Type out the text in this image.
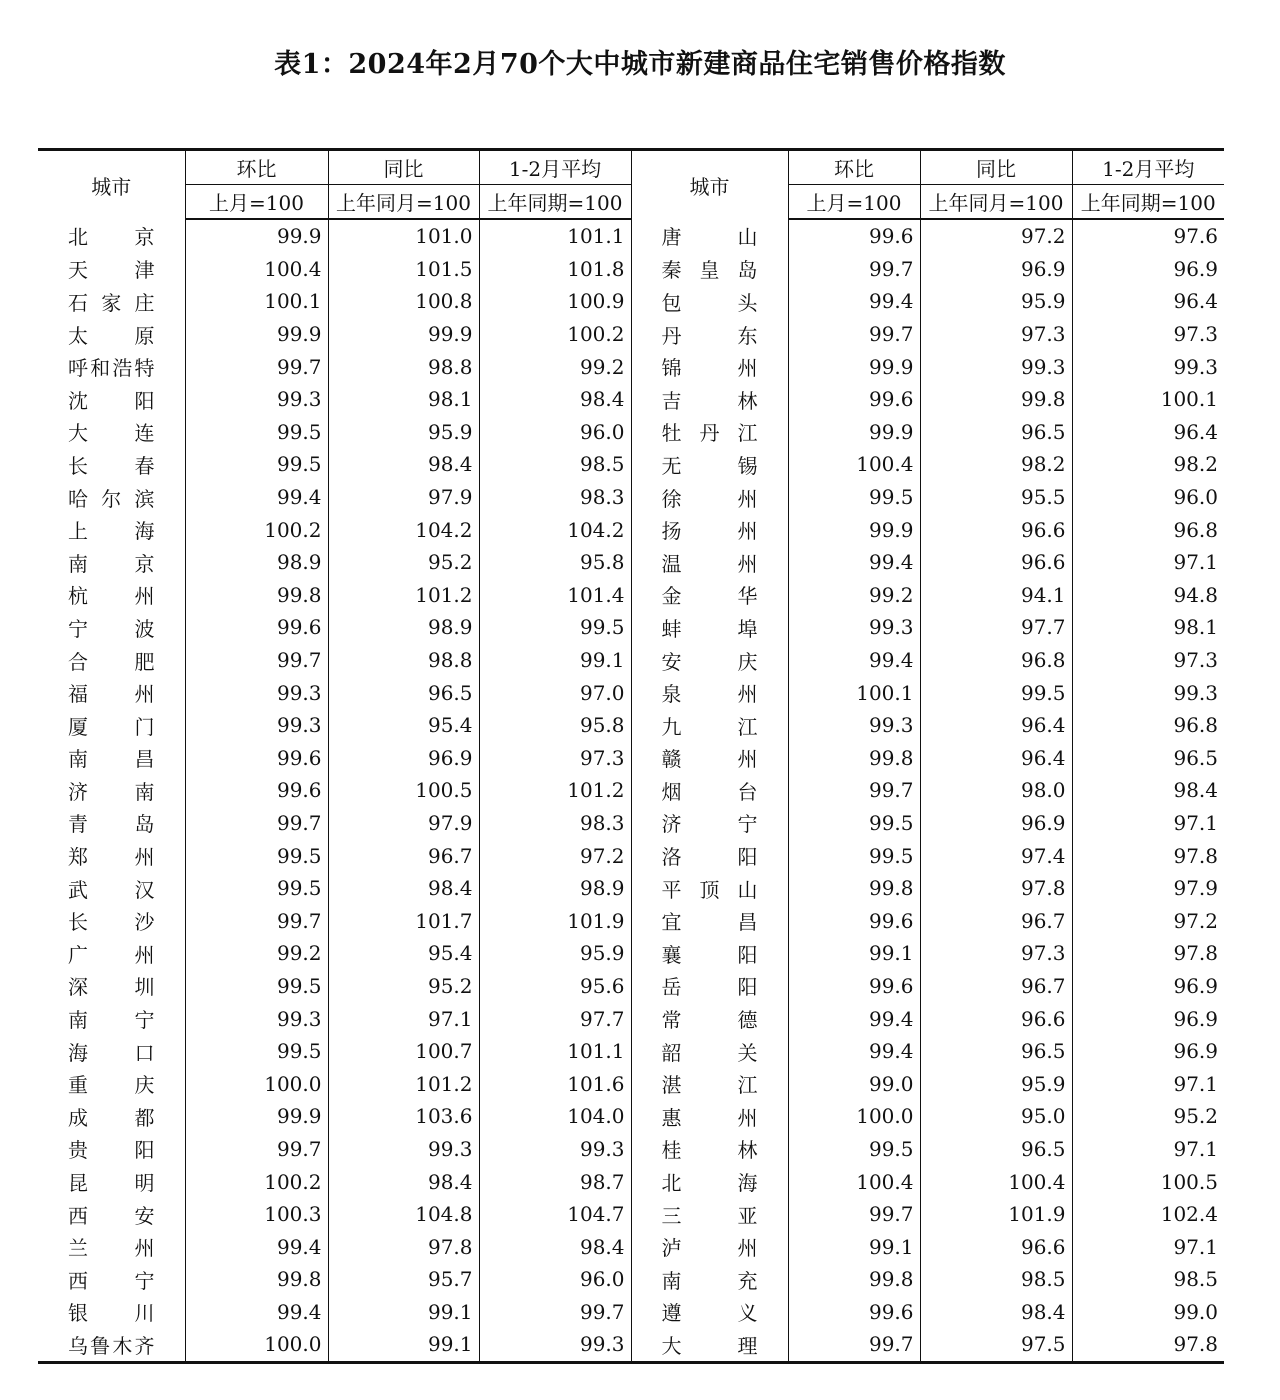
表1：2024年2月70个大中城市新建商品住宅销售价格指数
城市	环比	同比	1-2月平均	城市	环比	同比	1-2月平均
	上月=100	上年同月=100	上年同期=100		上月=100	上年同月=100	上年同期=100
北京	99.9	101.0	101.1	唐山	99.6	97.2	97.6
天津	100.4	101.5	101.8	秦皇岛	99.7	96.9	96.9
石家庄	100.1	100.8	100.9	包头	99.4	95.9	96.4
太原	99.9	99.9	100.2	丹东	99.7	97.3	97.3
呼和浩特	99.7	98.8	99.2	锦州	99.9	99.3	99.3
沈阳	99.3	98.1	98.4	吉林	99.6	99.8	100.1
大连	99.5	95.9	96.0	牡丹江	99.9	96.5	96.4
长春	99.5	98.4	98.5	无锡	100.4	98.2	98.2
哈尔滨	99.4	97.9	98.3	徐州	99.5	95.5	96.0
上海	100.2	104.2	104.2	扬州	99.9	96.6	96.8
南京	98.9	95.2	95.8	温州	99.4	96.6	97.1
杭州	99.8	101.2	101.4	金华	99.2	94.1	94.8
宁波	99.6	98.9	99.5	蚌埠	99.3	97.7	98.1
合肥	99.7	98.8	99.1	安庆	99.4	96.8	97.3
福州	99.3	96.5	97.0	泉州	100.1	99.5	99.3
厦门	99.3	95.4	95.8	九江	99.3	96.4	96.8
南昌	99.6	96.9	97.3	赣州	99.8	96.4	96.5
济南	99.6	100.5	101.2	烟台	99.7	98.0	98.4
青岛	99.7	97.9	98.3	济宁	99.5	96.9	97.1
郑州	99.5	96.7	97.2	洛阳	99.5	97.4	97.8
武汉	99.5	98.4	98.9	平顶山	99.8	97.8	97.9
长沙	99.7	101.7	101.9	宜昌	99.6	96.7	97.2
广州	99.2	95.4	95.9	襄阳	99.1	97.3	97.8
深圳	99.5	95.2	95.6	岳阳	99.6	96.7	96.9
南宁	99.3	97.1	97.7	常德	99.4	96.6	96.9
海口	99.5	100.7	101.1	韶关	99.4	96.5	96.9
重庆	100.0	101.2	101.6	湛江	99.0	95.9	97.1
成都	99.9	103.6	104.0	惠州	100.0	95.0	95.2
贵阳	99.7	99.3	99.3	桂林	99.5	96.5	97.1
昆明	100.2	98.4	98.7	北海	100.4	100.4	100.5
西安	100.3	104.8	104.7	三亚	99.7	101.9	102.4
兰州	99.4	97.8	98.4	泸州	99.1	96.6	97.1
西宁	99.8	95.7	96.0	南充	99.8	98.5	98.5
银川	99.4	99.1	99.7	遵义	99.6	98.4	99.0
乌鲁木齐	100.0	99.1	99.3	大理	99.7	97.5	97.8
